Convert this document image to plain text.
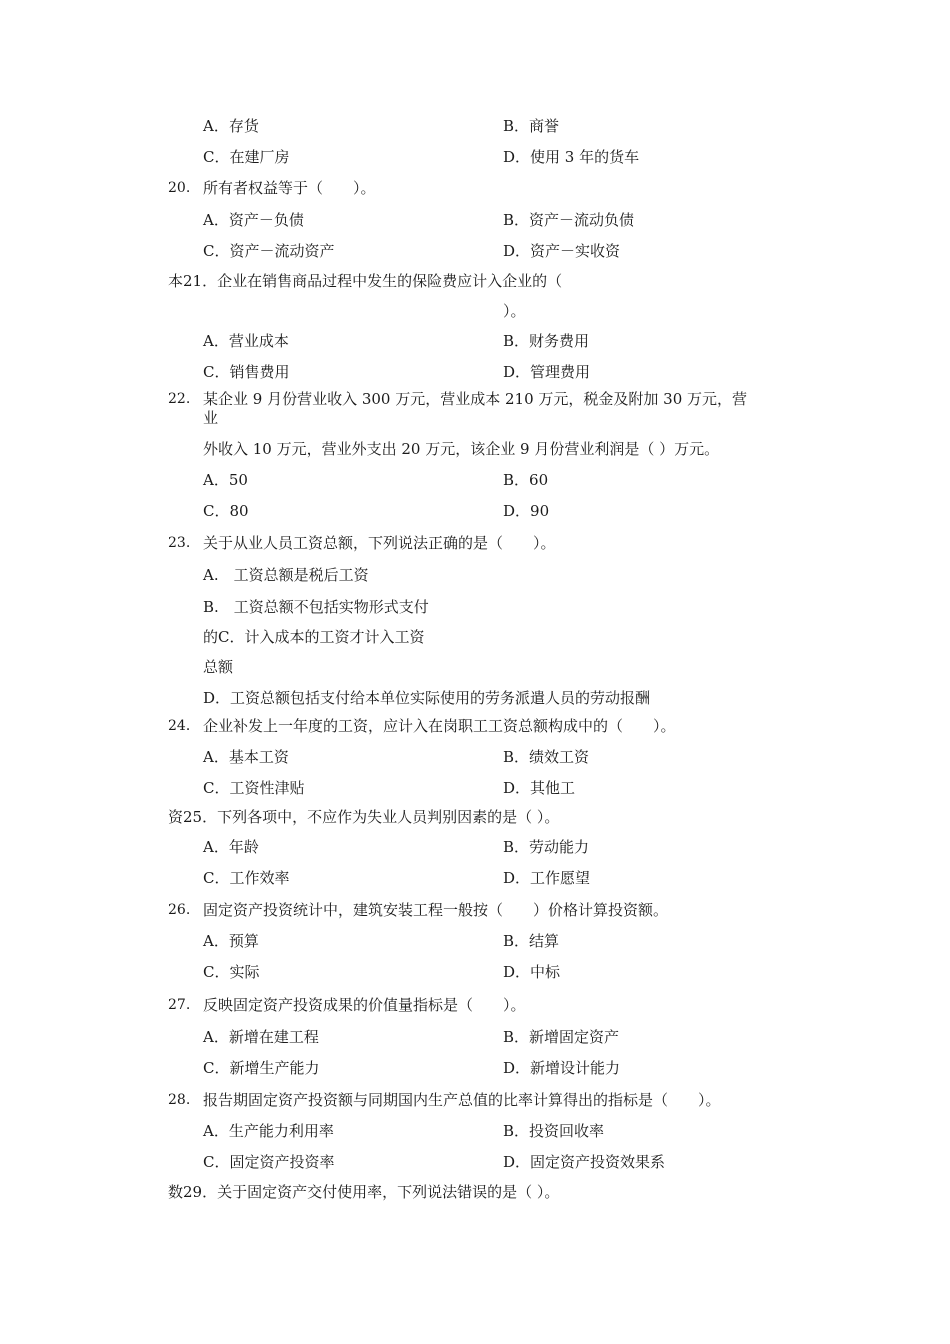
A．存货	B．商誉
C．在建厂房	D．使用 3 年的货车
20. 所有者权益等于（　　）。
A．资产－负债	B．资产－流动负债
C．资产－流动资产	D．资产－实收资
本21．企业在销售商品过程中发生的保险费应计入企业的（
）。
A．营业成本	B．财务费用
C．销售费用	D．管理费用
22. 某企业 9 月份营业收入 300 万元，营业成本 210 万元，税金及附加 30 万元，营
业
外收入 10 万元，营业外支出 20 万元，该企业 9 月份营业利润是（ ）万元。
A．50	B．60
C．80	D．90
23. 关于从业人员工资总额，下列说法正确的是（　　）。
A.　工资总额是税后工资
B.　工资总额不包括实物形式支付
的C．计入成本的工资才计入工资
总额
D．工资总额包括支付给本单位实际使用的劳务派遣人员的劳动报酬
24． 企业补发上一年度的工资，应计入在岗职工工资总额构成中的（　　）。
A．基本工资	B．绩效工资
C．工资性津贴	D．其他工
资25．下列各项中，不应作为失业人员判别因素的是（ ）。
A．年龄	B．劳动能力
C．工作效率	D．工作愿望
26. 固定资产投资统计中，建筑安装工程一般按（　　）价格计算投资额。
A．预算	B．结算
C．实际	D．中标
27. 反映固定资产投资成果的价值量指标是（　　）。
A．新增在建工程	B．新增固定资产
C．新增生产能力	D．新增设计能力
28. 报告期固定资产投资额与同期国内生产总值的比率计算得出的指标是（　　）。
A．生产能力利用率	B．投资回收率
C．固定资产投资率	D．固定资产投资效果系
数29．关于固定资产交付使用率，下列说法错误的是（ ）。
